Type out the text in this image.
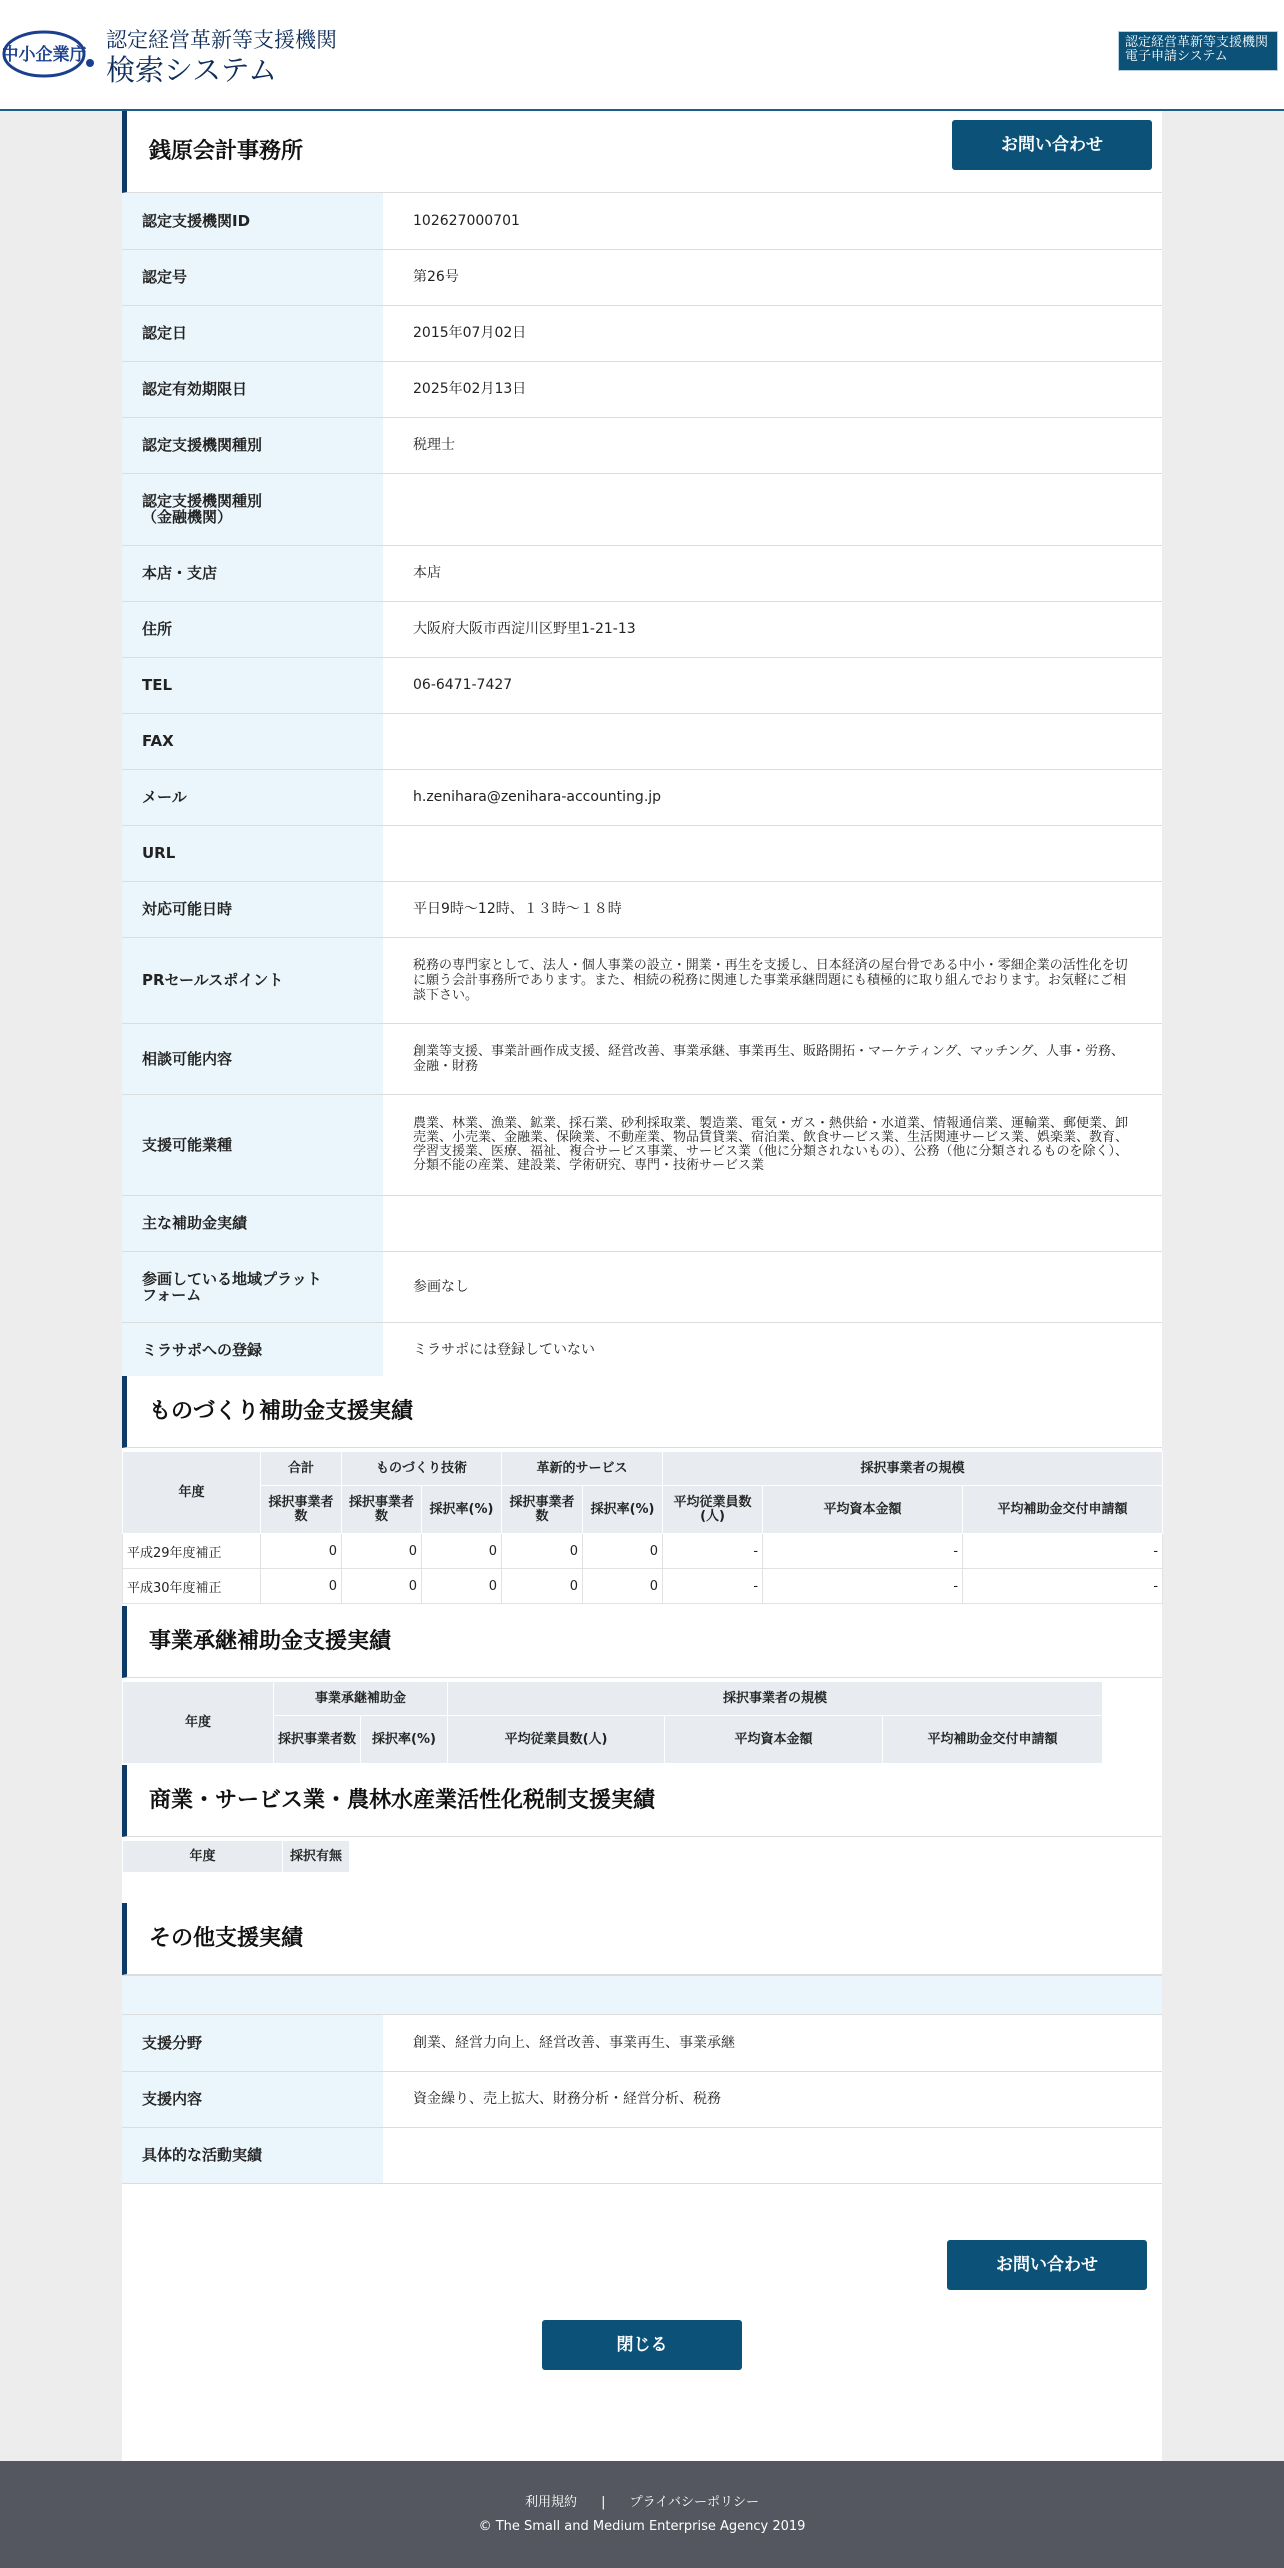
中小企業庁
認定経営革新等支援機関
検索システム
認定経営革新等支援機関
電子申請システム
銭原会計事務所	お問い合わせ
認定支援機関ID	102627000701
認定号	第26号
認定日	2015年07月02日
認定有効期限日	2025年02月13日
認定支援機関種別	税理士
認定支援機関種別
（金融機関）	
本店・支店	本店
住所	大阪府大阪市西淀川区野里1-21-13
TEL	06-6471-7427
FAX	
メール	h.zenihara@zenihara-accounting.jp
URL	
対応可能日時	平日9時〜12時、１３時〜１８時
PRセールスポイント	税務の専門家として、法人・個人事業の設立・開業・再生を支援し、日本経済の屋台骨である中小・零細企業の活性化を切に願う会計事務所であります。また、相続の税務に関連した事業承継問題にも積極的に取り組んでおります。お気軽にご相談下さい。
相談可能内容	創業等支援、事業計画作成支援、経営改善、事業承継、事業再生、販路開拓・マーケティング、マッチング、人事・労務、金融・財務
支援可能業種	農業、林業、漁業、鉱業、採石業、砂利採取業、製造業、電気・ガス・熱供給・水道業、情報通信業、運輸業、郵便業、卸売業、小売業、金融業、保険業、不動産業、物品賃貸業、宿泊業、飲食サービス業、生活関連サービス業、娯楽業、教育、学習支援業、医療、福祉、複合サービス事業、サービス業（他に分類されないもの）、公務（他に分類されるものを除く）、分類不能の産業、建設業、学術研究、専門・技術サービス業
主な補助金実績	
参画している地域プラット
フォーム	参画なし
ミラサポへの登録	ミラサポには登録していない
ものづくり補助金支援実績
年度	合計	ものづくり技術		革新的サービス		採択事業者の規模		
	採択事業者数	採択事業者数	採択率(%)	採択事業者数	採択率(%)	平均従業員数(人)	平均資本金額	平均補助金交付申請額
平成29年度補正	0	0	0	0	0	-	-	-
平成30年度補正	0	0	0	0	0	-	-	-
事業承継補助金支援実績
年度	事業承継補助金		採択事業者の規模		
	採択事業者数	採択率(%)	平均従業員数(人)	平均資本金額	平均補助金交付申請額
商業・サービス業・農林水産業活性化税制支援実績
年度	採択有無
その他支援実績
支援分野	創業、経営力向上、経営改善、事業再生、事業承継
支援内容	資金繰り、売上拡大、財務分析・経営分析、税務
具体的な活動実績	
お問い合わせ
閉じる
利用規約 | プライバシーポリシー
© The Small and Medium Enterprise Agency 2019
